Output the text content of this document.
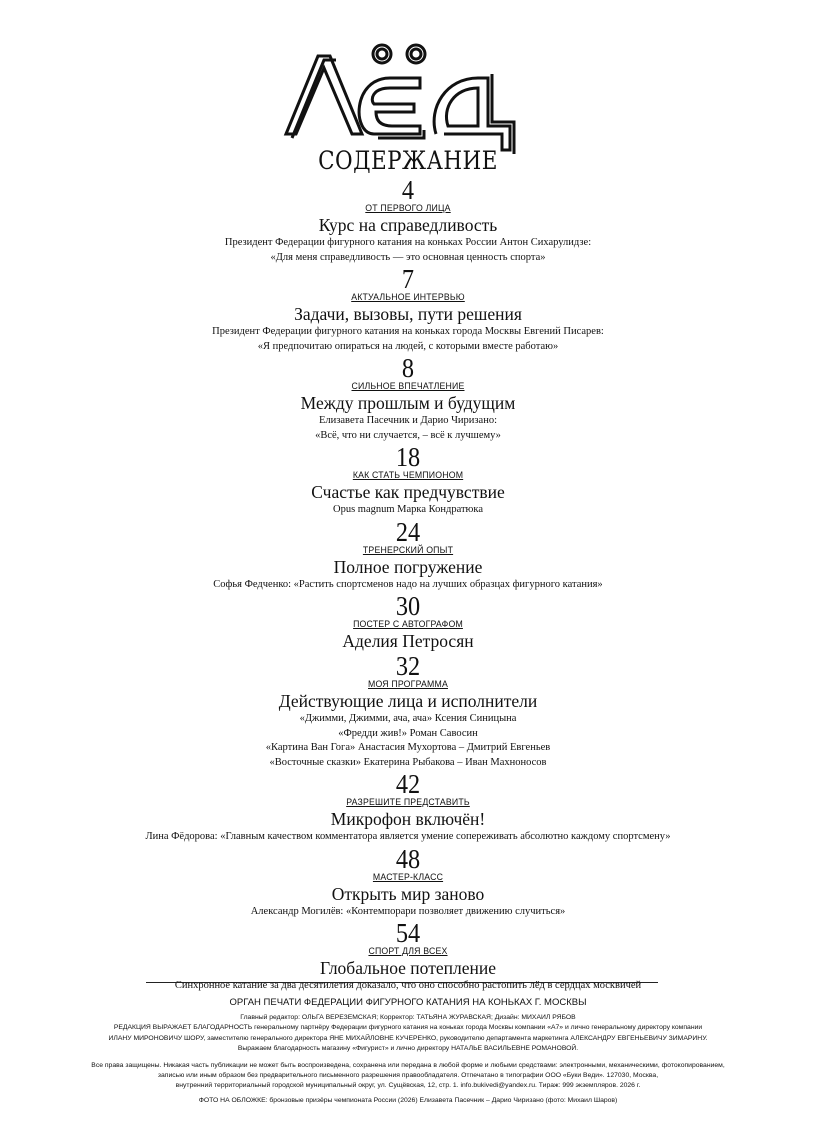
СОДЕРЖАНИЕ
4
ОТ ПЕРВОГО ЛИЦА
Курс на справедливость
Президент Федерации фигурного катания на коньках России Антон Сихарулидзе:
«Для меня справедливость — это основная ценность спорта»
7
АКТУАЛЬНОЕ ИНТЕРВЬЮ
Задачи, вызовы, пути решения
Президент Федерации фигурного катания на коньках города Москвы Евгений Писарев:
«Я предпочитаю опираться на людей, с которыми вместе работаю»
8
СИЛЬНОЕ ВПЕЧАТЛЕНИЕ
Между прошлым и будущим
Елизавета Пасечник и Дарио Чиризано:
«Всё, что ни случается, – всё к лучшему»
18
КАК СТАТЬ ЧЕМПИОНОМ
Счастье как предчувствие
Opus magnum Марка Кондратюка
24
ТРЕНЕРСКИЙ ОПЫТ
Полное погружение
Софья Федченко: «Растить спортсменов надо на лучших образцах фигурного катания»
30
ПОСТЕР С АВТОГРАФОМ
Аделия Петросян
32
МОЯ ПРОГРАММА
Действующие лица и исполнители
«Джимми, Джимми, ача, ача» Ксения Синицына
«Фредди жив!» Роман Савосин
«Картина Ван Гога» Анастасия Мухортова – Дмитрий Евгеньев
«Восточные сказки» Екатерина Рыбакова – Иван Махноносов
42
РАЗРЕШИТЕ ПРЕДСТАВИТЬ
Микрофон включён!
Лина Фёдорова: «Главным качеством комментатора является умение сопереживать абсолютно каждому спортсмену»
48
МАСТЕР-КЛАСС
Открыть мир заново
Александр Могилёв: «Контемпорари позволяет движению случиться»
54
СПОРТ ДЛЯ ВСЕХ
Глобальное потепление
Синхронное катание за два десятилетия доказало, что оно способно растопить лёд в сердцах москвичей
ОРГАН ПЕЧАТИ ФЕДЕРАЦИИ ФИГУРНОГО КАТАНИЯ НА КОНЬКАХ Г. МОСКВЫ
Главный редактор: ОЛЬГА ВЕРЕЗЕМСКАЯ; Корректор: ТАТЬЯНА ЖУРАВСКАЯ; Дизайн: МИХАИЛ РЯБОВ
РЕДАКЦИЯ ВЫРАЖАЕТ БЛАГОДАРНОСТЬ генеральному партнёру Федерации фигурного катания на коньках города Москвы компании «А7» и лично генеральному директору компании
ИЛАНУ МИРОНОВИЧУ ШОРУ, заместителю генерального директора ЯНЕ МИХАЙЛОВНЕ КУЧЕРЕНКО, руководителю департамента маркетинга АЛЕКСАНДРУ ЕВГЕНЬЕВИЧУ ЗИМАРИНУ.
Выражаем благодарность магазину «Фигурист» и лично директору НАТАЛЬЕ ВАСИЛЬЕВНЕ РОМАНОВОЙ.
Все права защищены. Никакая часть публикации не может быть воспроизведена, сохранена или передана в любой форме и любыми средствами: электронными, механическими, фотокопированием,
записью или иным образом без предварительного письменного разрешения правообладателя. Отпечатано в типографии ООО «Буки Веди». 127030, Москва,
внутренний территориальный городской муниципальный округ, ул. Сущёвская, 12, стр. 1. info.bukivedi@yandex.ru. Тираж: 999 экземпляров. 2026 г.
ФОТО НА ОБЛОЖКЕ: бронзовые призёры чемпионата России (2026) Елизавета Пасечник – Дарио Чиризано (фото: Михаил Шаров)
